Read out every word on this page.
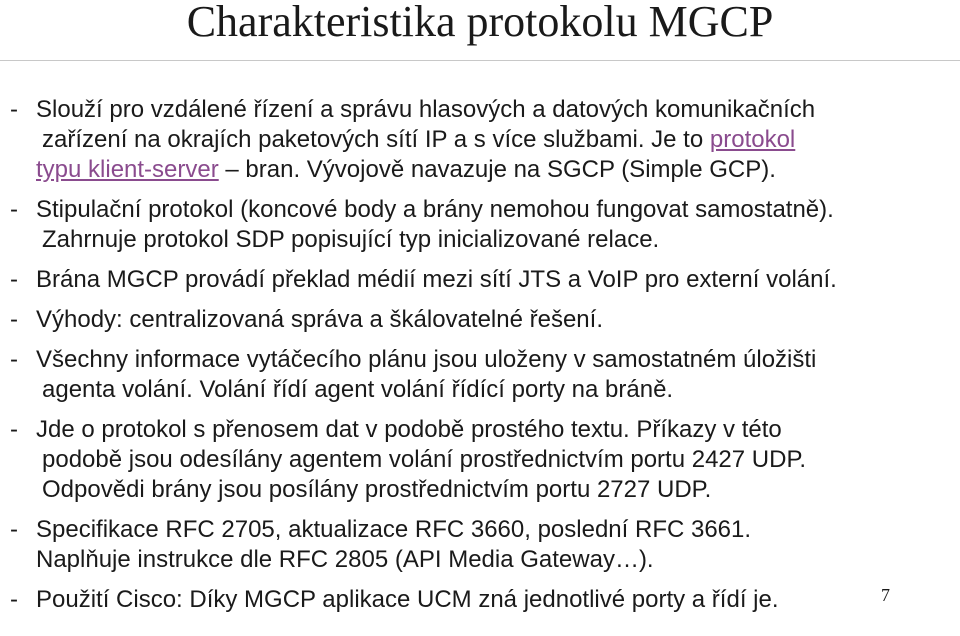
Charakteristika protokolu MGCP
- Slouží pro vzdálené řízení a správu hlasových a datových komunikačních
zařízení na okrajích paketových sítí IP a s více službami. Je to protokol
typu klient-server – bran. Vývojově navazuje na SGCP (Simple GCP).
- Stipulační protokol (koncové body a brány nemohou fungovat samostatně).
Zahrnuje protokol SDP popisující typ inicializované relace.
- Brána MGCP provádí překlad médií mezi sítí JTS a VoIP pro externí volání.
- Výhody: centralizovaná správa a škálovatelné řešení.
- Všechny informace vytáčecího plánu jsou uloženy v samostatném úložišti
agenta volání. Volání řídí agent volání řídící porty na bráně.
- Jde o protokol s přenosem dat v podobě prostého textu. Příkazy v této
podobě jsou odesílány agentem volání prostřednictvím portu 2427 UDP.
Odpovědi brány jsou posílány prostřednictvím portu 2727 UDP.
- Specifikace RFC 2705, aktualizace RFC 3660, poslední RFC 3661.
Naplňuje instrukce dle RFC 2805 (API Media Gateway…).
- Použití Cisco: Díky MGCP aplikace UCM zná jednotlivé porty a řídí je.	7
